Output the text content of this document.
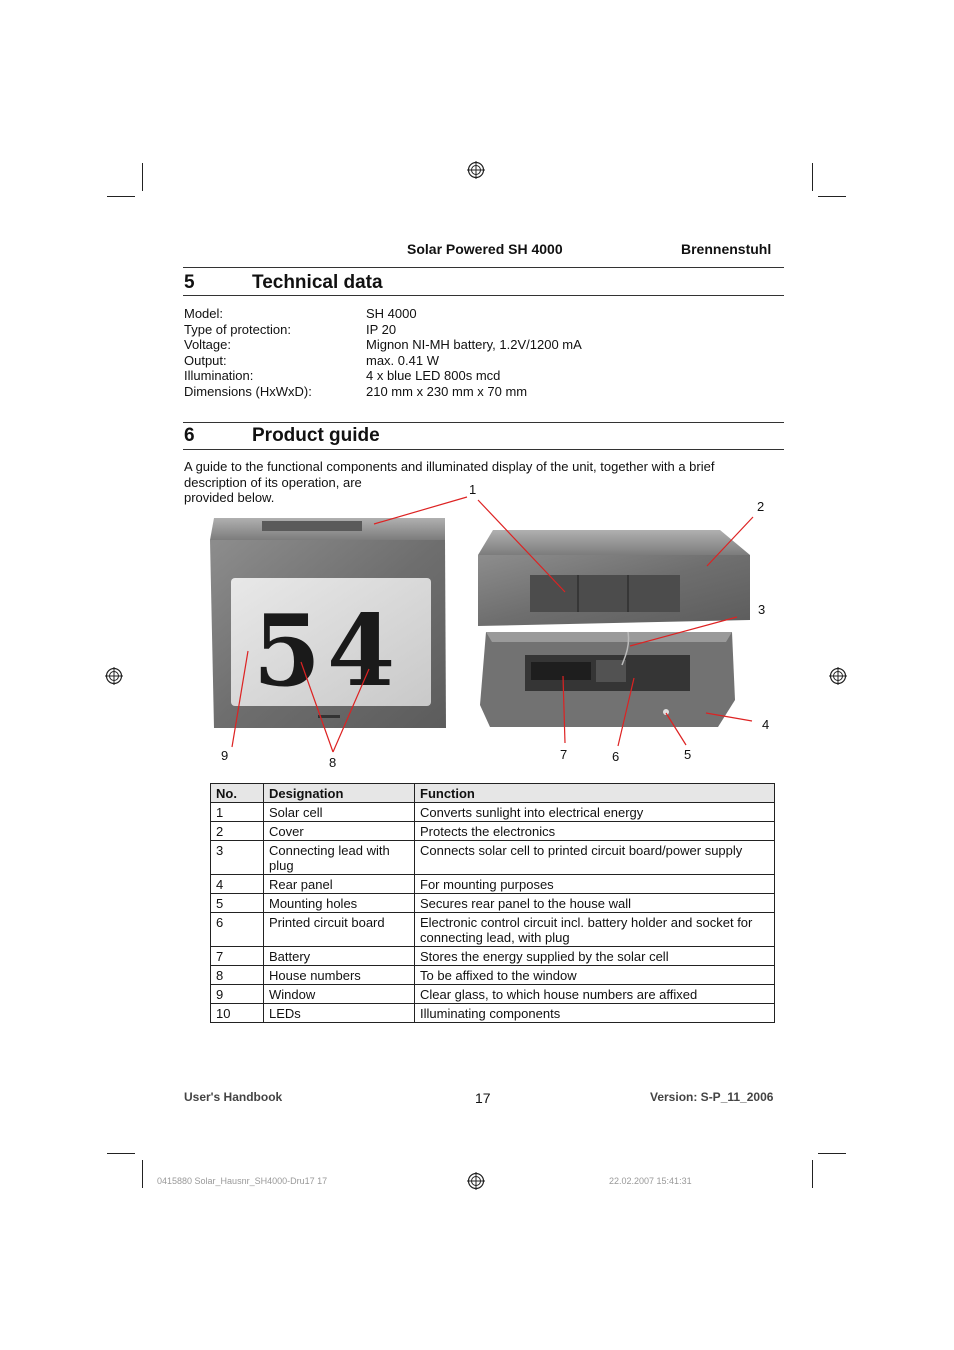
Solar Powered SH 4000	Brennenstuhl
5	Technical data
Model:	SH 4000
Type of protection:	IP 20
Voltage:	Mignon NI-MH battery, 1.2V/1200 mA
Output:	max. 0.41 W
Illumination:	4 x blue LED 800s mcd
Dimensions (HxWxD):	210 mm x 230 mm x 70 mm
6	Product guide
A guide to the functional components and illuminated display of the unit, together with a brief
description of its operation, are
provided below.
54
1
2
3
4
5
6
7
8
9
No.	Designation	Function
1	Solar cell	Converts sunlight into electrical energy
2	Cover	Protects the electronics
3	Connecting lead with plug	Connects solar cell to printed circuit board/power supply
4	Rear panel	For mounting purposes
5	Mounting holes	Secures rear panel to the house wall
6	Printed circuit board	Electronic control circuit incl. battery holder and socket for connecting lead, with plug
7	Battery	Stores the energy supplied by the solar cell
8	House numbers	To be affixed to the window
9	Window	Clear glass, to which house numbers are affixed
10	LEDs	Illuminating components
User's Handbook	17	Version: S-P_11_2006
0415880 Solar_Hausnr_SH4000-Dru17 17	22.02.2007 15:41:31
